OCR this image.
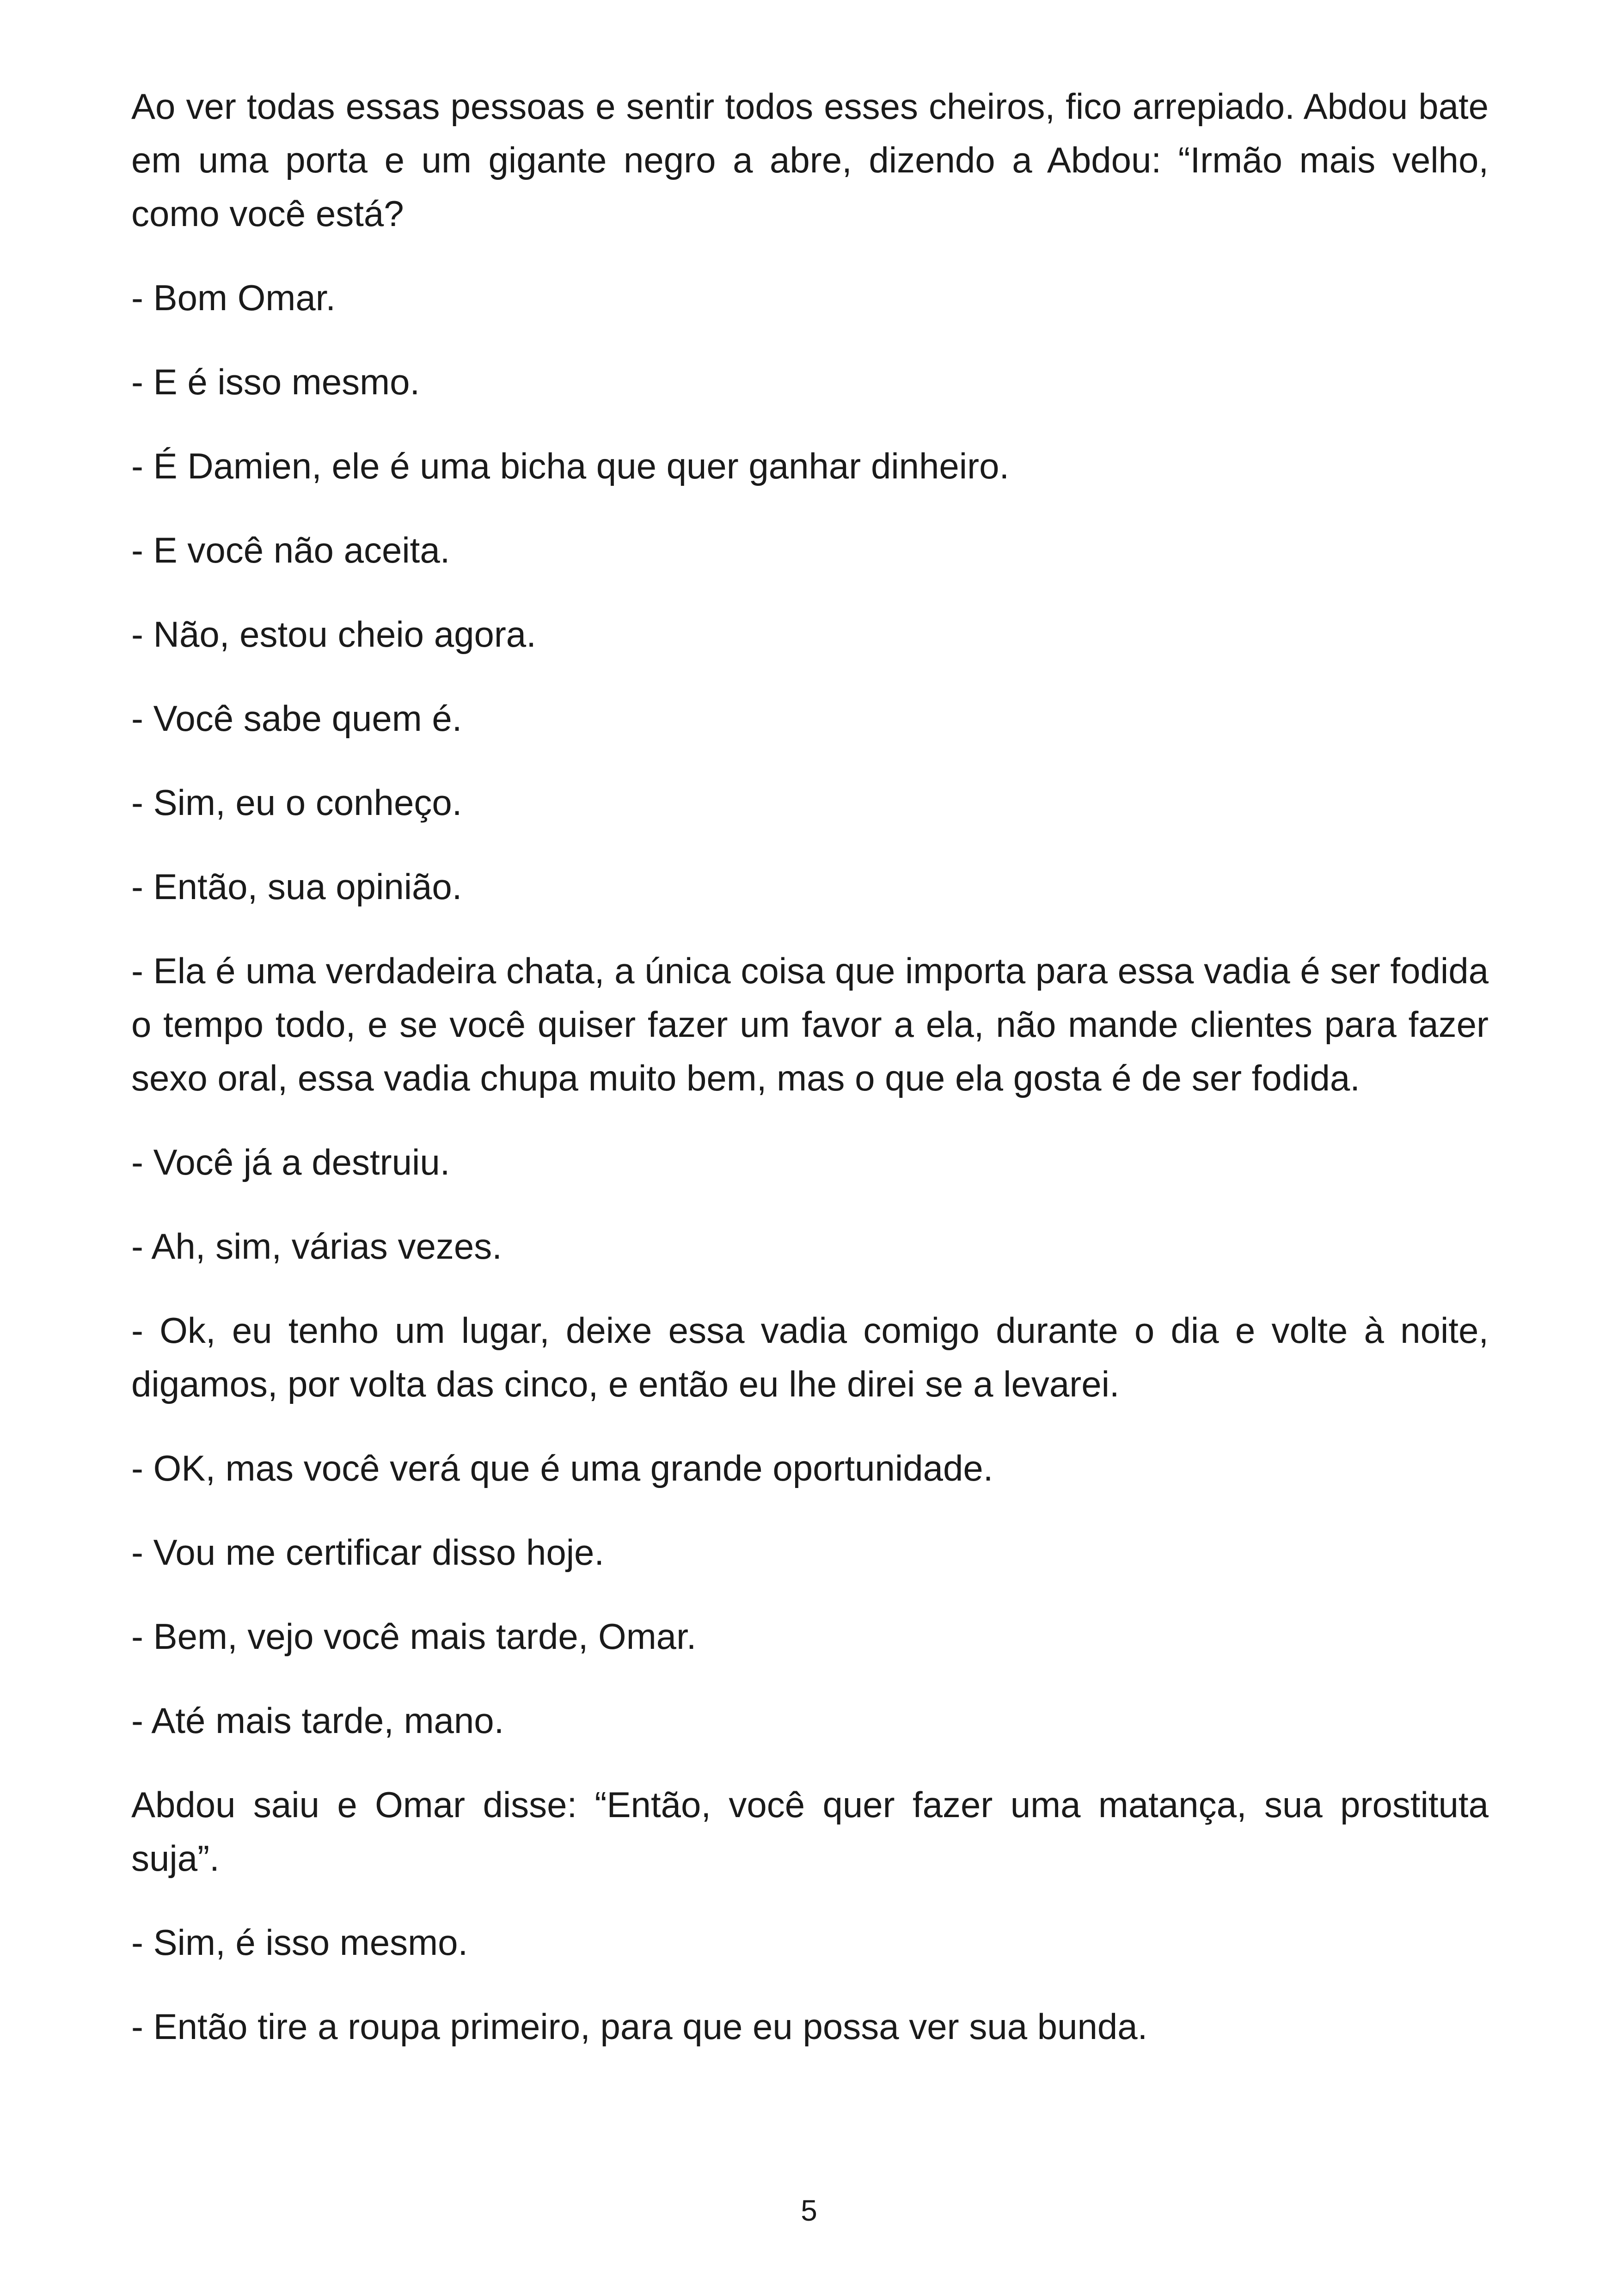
Ao ver todas essas pessoas e sentir todos esses cheiros, fico arrepiado. Abdou bate em uma porta e um gigante negro a abre, dizendo a Abdou: “Irmão mais velho, como você está?

- Bom Omar.

- E é isso mesmo.

- É Damien, ele é uma bicha que quer ganhar dinheiro.

- E você não aceita.

- Não, estou cheio agora.

- Você sabe quem é.

- Sim, eu o conheço.

- Então, sua opinião.

- Ela é uma verdadeira chata, a única coisa que importa para essa vadia é ser fodida o tempo todo, e se você quiser fazer um favor a ela, não mande clientes para fazer sexo oral, essa vadia chupa muito bem, mas o que ela gosta é de ser fodida.

- Você já a destruiu.

- Ah, sim, várias vezes.

- Ok, eu tenho um lugar, deixe essa vadia comigo durante o dia e volte à noite, digamos, por volta das cinco, e então eu lhe direi se a levarei.

- OK, mas você verá que é uma grande oportunidade.

- Vou me certificar disso hoje.

- Bem, vejo você mais tarde, Omar.

- Até mais tarde, mano.

Abdou saiu e Omar disse: “Então, você quer fazer uma matança, sua prostituta suja”.

- Sim, é isso mesmo.

- Então tire a roupa primeiro, para que eu possa ver sua bunda.

5
